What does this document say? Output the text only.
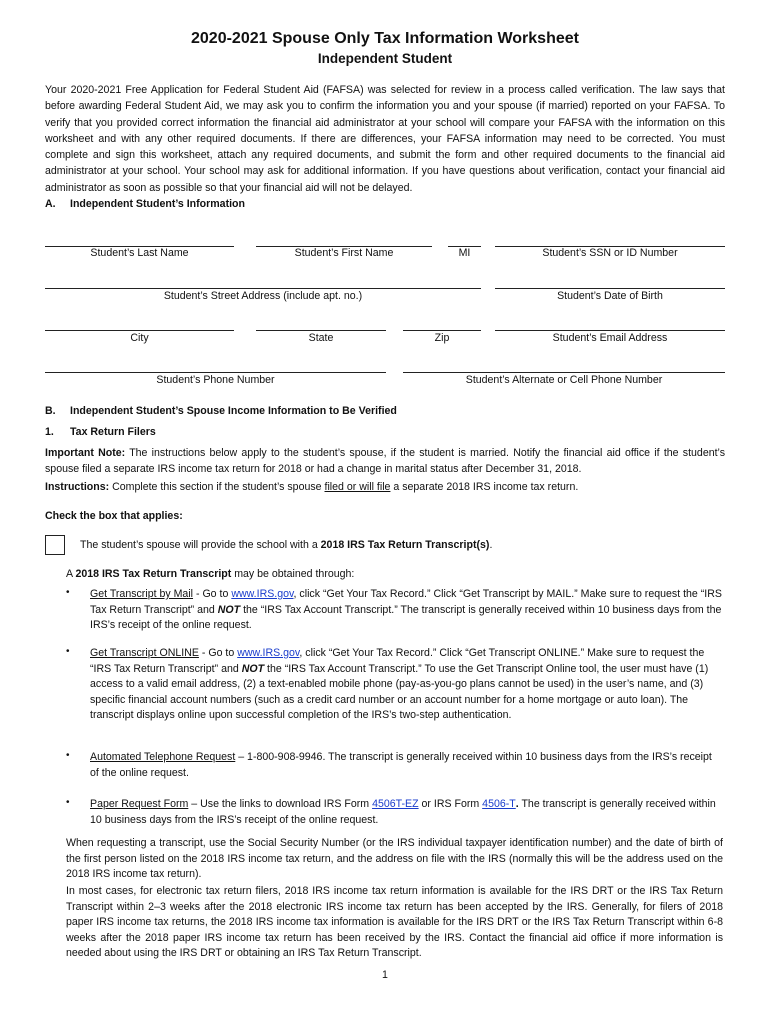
2020-2021 Spouse Only Tax Information Worksheet
Independent Student
Your 2020-2021 Free Application for Federal Student Aid (FAFSA) was selected for review in a process called verification. The law says that before awarding Federal Student Aid, we may ask you to confirm the information you and your spouse (if married) reported on your FAFSA. To verify that you provided correct information the financial aid administrator at your school will compare your FAFSA with the information on this worksheet and with any other required documents. If there are differences, your FAFSA information may need to be corrected. You must complete and sign this worksheet, attach any required documents, and submit the form and other required documents to the financial aid administrator at your school. Your school may ask for additional information. If you have questions about verification, contact your financial aid administrator as soon as possible so that your financial aid will not be delayed.
A. Independent Student’s Information
Student’s Last Name	Student’s First Name	MI	Student’s SSN or ID Number
Student’s Street Address (include apt. no.)	Student’s Date of Birth
City	State	Zip	Student’s Email Address
Student’s Phone Number	Student’s Alternate or Cell Phone Number
B. Independent Student’s Spouse Income Information to Be Verified
1. Tax Return Filers
Important Note: The instructions below apply to the student’s spouse, if the student is married. Notify the financial aid office if the student’s spouse filed a separate IRS income tax return for 2018 or had a change in marital status after December 31, 2018.
Instructions: Complete this section if the student’s spouse filed or will file a separate 2018 IRS income tax return.
Check the box that applies:
The student’s spouse will provide the school with a 2018 IRS Tax Return Transcript(s).
A 2018 IRS Tax Return Transcript may be obtained through:
• Get Transcript by Mail - Go to www.IRS.gov, click “Get Your Tax Record.” Click “Get Transcript by MAIL.” Make sure to request the “IRS Tax Return Transcript” and NOT the “IRS Tax Account Transcript.” The transcript is generally received within 10 business days from the IRS’s receipt of the online request.
• Get Transcript ONLINE - Go to www.IRS.gov, click “Get Your Tax Record.” Click “Get Transcript ONLINE.” Make sure to request the “IRS Tax Return Transcript” and NOT the “IRS Tax Account Transcript.” To use the Get Transcript Online tool, the user must have (1) access to a valid email address, (2) a text-enabled mobile phone (pay-as-you-go plans cannot be used) in the user’s name, and (3) specific financial account numbers (such as a credit card number or an account number for a home mortgage or auto loan). The transcript displays online upon successful completion of the IRS’s two-step authentication.
• Automated Telephone Request – 1-800-908-9946. The transcript is generally received within 10 business days from the IRS’s receipt of the online request.
• Paper Request Form – Use the links to download IRS Form 4506T-EZ or IRS Form 4506-T. The transcript is generally received within 10 business days from the IRS’s receipt of the online request.
When requesting a transcript, use the Social Security Number (or the IRS individual taxpayer identification number) and the date of birth of the first person listed on the 2018 IRS income tax return, and the address on file with the IRS (normally this will be the address used on the 2018 IRS income tax return).
In most cases, for electronic tax return filers, 2018 IRS income tax return information is available for the IRS DRT or the IRS Tax Return Transcript within 2–3 weeks after the 2018 electronic IRS income tax return has been accepted by the IRS. Generally, for filers of 2018 paper IRS income tax returns, the 2018 IRS income tax information is available for the IRS DRT or the IRS Tax Return Transcript within 6-8 weeks after the 2018 paper IRS income tax return has been received by the IRS. Contact the financial aid office if more information is needed about using the IRS DRT or obtaining an IRS Tax Return Transcript.
1
